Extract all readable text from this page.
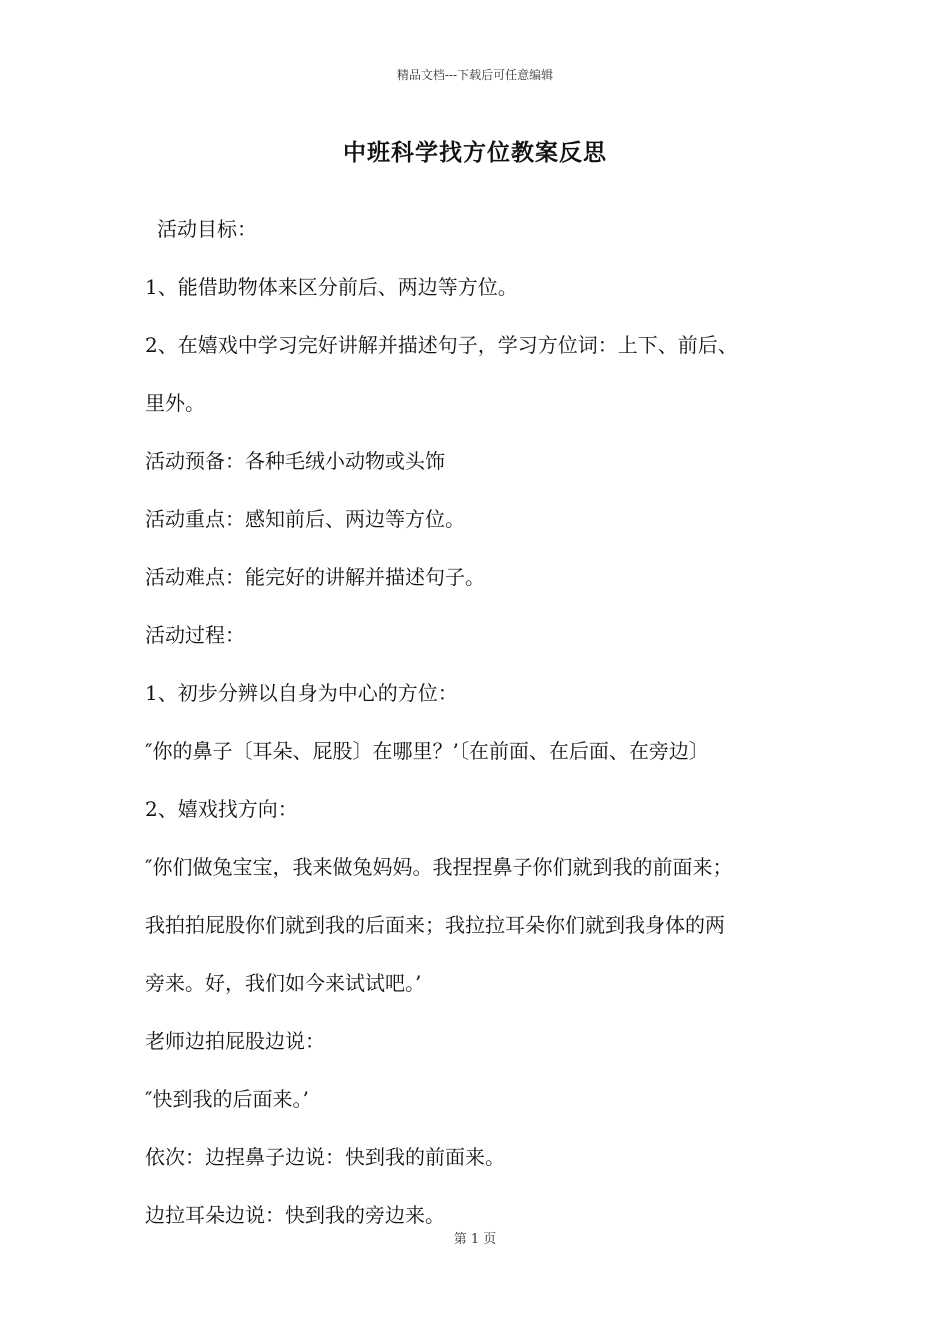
精品文档---下载后可任意编辑
中班科学找方位教案反思
活动目标：
1、能借助物体来区分前后、两边等方位。
2、在嬉戏中学习完好讲解并描述句子，学习方位词：上下、前后、
里外。
活动预备：各种毛绒小动物或头饰
活动重点：感知前后、两边等方位。
活动难点：能完好的讲解并描述句子。
活动过程：
1、初步分辨以自身为中心的方位：
″你的鼻子〔耳朵、屁股〕在哪里？’〔在前面、在后面、在旁边〕
2、嬉戏找方向：
″你们做兔宝宝，我来做兔妈妈。我捏捏鼻子你们就到我的前面来；
我拍拍屁股你们就到我的后面来；我拉拉耳朵你们就到我身体的两
旁来。好，我们如今来试试吧。’
老师边拍屁股边说：
″快到我的后面来。’
依次：边捏鼻子边说：快到我的前面来。
边拉耳朵边说：快到我的旁边来。
第 1 页
